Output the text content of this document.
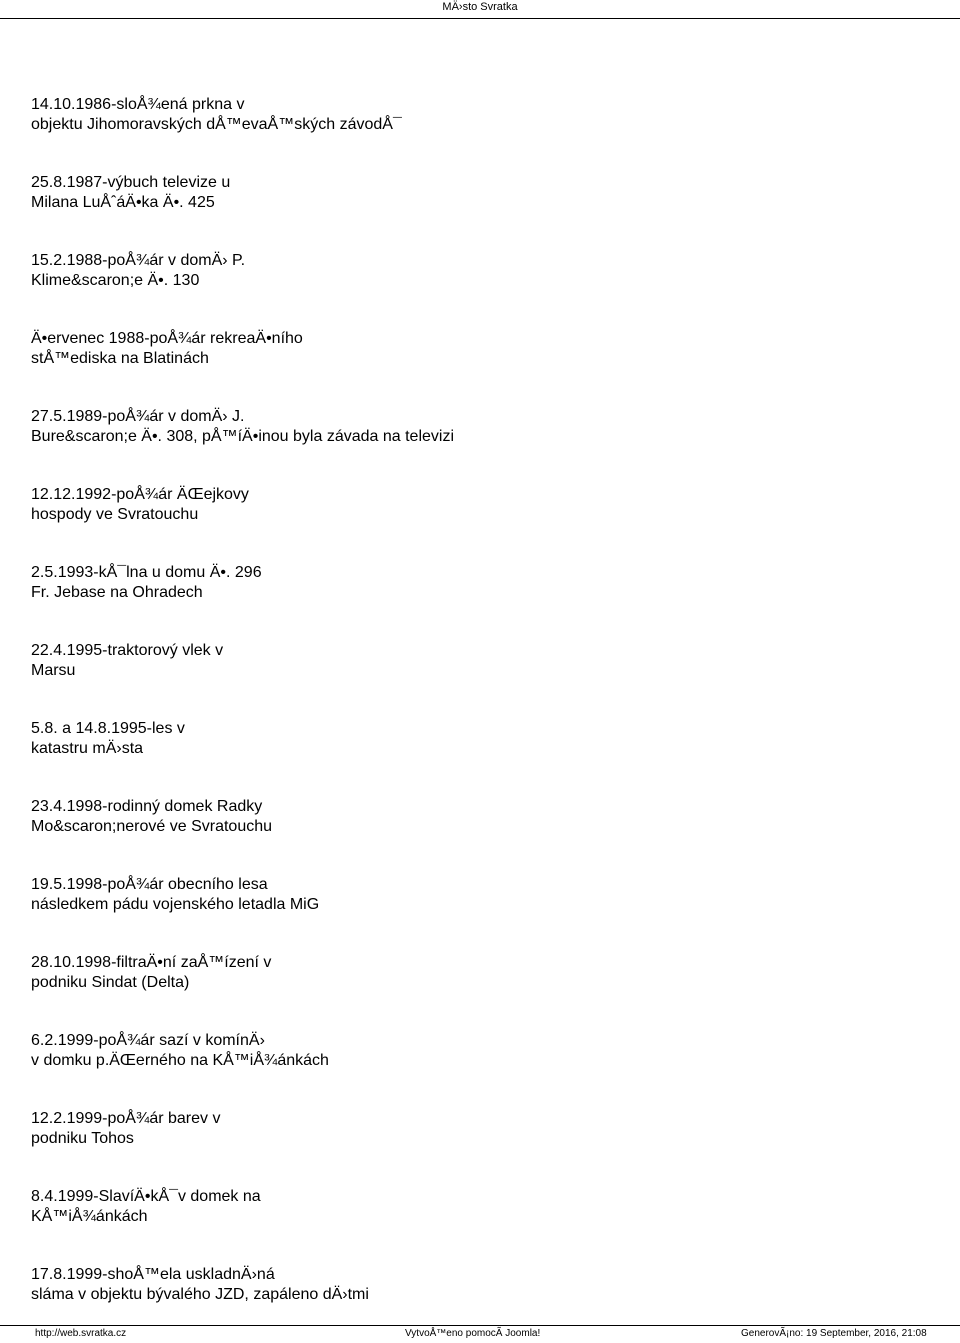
MÄ›sto Svratka
14.10.1986-sloÅ¾ená prkna v
objektu Jihomoravských dÅ™evaÅ™ských závodÅ¯
25.8.1987-výbuch televize u
Milana LuÅˆáÄ•ka Ä•. 425
15.2.1988-poÅ¾ár v domÄ› P.
Klime&scaron;e Ä•. 130
Ä•ervenec 1988-poÅ¾ár rekreaÄ•ního
stÅ™ediska na Blatinách
27.5.1989-poÅ¾ár v domÄ› J.
Bure&scaron;e Ä•. 308, pÅ™íÄ•inou byla závada na televizi
12.12.1992-poÅ¾ár ÄŒejkovy
hospody ve Svratouchu
2.5.1993-kÅ¯lna u domu Ä•. 296
Fr. Jebase na Ohradech
22.4.1995-traktorový vlek v
Marsu
5.8. a 14.8.1995-les v
katastru mÄ›sta
23.4.1998-rodinný domek Radky
Mo&scaron;nerové ve Svratouchu
19.5.1998-poÅ¾ár obecního lesa
následkem pádu vojenského letadla MiG
28.10.1998-filtraÄ•ní zaÅ™ízení v
podniku Sindat (Delta)
6.2.1999-poÅ¾ár sazí v komínÄ›
v domku p.ÄŒerného na KÅ™iÅ¾ánkách
12.2.1999-poÅ¾ár barev v
podniku Tohos
8.4.1999-SlavíÄ•kÅ¯v domek na
KÅ™iÅ¾ánkách
17.8.1999-shoÅ™ela uskladnÄ›ná
sláma v objektu bývalého JZD, zapáleno dÄ›tmi
http://web.svratka.cz	VytvoÅ™eno pomocÃ Joomla!	GenerovÃ¡no: 19 September, 2016, 21:08
